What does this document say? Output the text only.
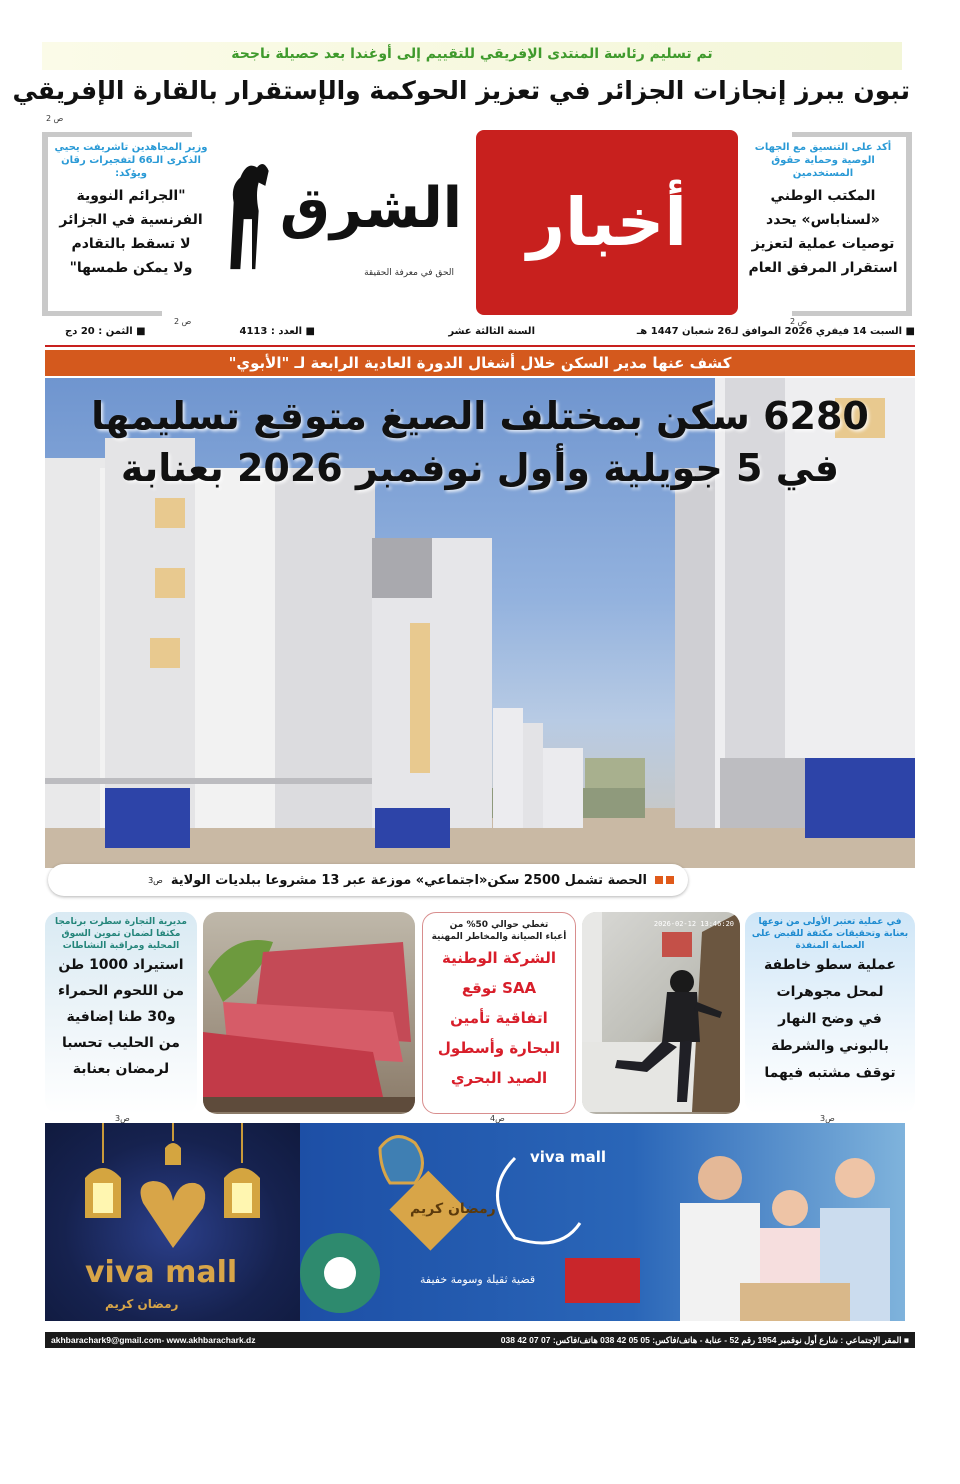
تم تسليم رئاسة المنتدى الإفريقي للتقييم إلى أوغندا بعد حصيلة ناجحة
تبون يبرز إنجازات الجزائر في تعزيز الحوكمة والإستقرار بالقارة الإفريقي
ص 2
أكد على التنسيق مع الجهات الوصية وحماية حقوق المستخدمين
المكتب الوطني
«لسناباس» يحدد
توصيات عملية لتعزيز
استقرار المرفق العام
ص 2
وزير المجاهدين تاشريفت يحيي الذكرى الـ66 لتفجيرات رقان ويؤكد:
"الجرائم النووية
الفرنسية في الجزائر
لا تسقط بالتقادم
ولا يمكن طمسها"
ص 2
أخبار
الشرق
الحق في معرفة الحقيقة
■ السبت 14 فيفري 2026 الموافق لـ26 شعبان 1447 هـ
السنة الثالثة عشر
■ العدد : 4113
■ الثمن : 20 دج
كشف عنها مدير السكن خلال أشغال الدورة العادية الرابعة لـ "الأبوي"
6280 سكن بمختلف الصيغ متوقع تسليمها
في 5 جويلية وأول نوفمبر 2026 بعنابة
الحصة تشمل 2500 سكن«اجتماعي» موزعة عبر 13 مشروعا ببلديات الولاية
ص3
في عملية تعتبر الأولى من نوعها بعنابة وتحقيقات مكثفة للقبض على العصابة المنفذة
عملية سطو خاطفة
لمحل مجوهرات
في وضح النهار
بالبوني والشرطة
توقف مشتبه فيهما
ص3
2026-02-12 13:46:20
تغطي حوالي 50% من
أعباء الصيانة والمخاطر المهنية
الشركة الوطنية
SAA توقع
اتفاقية تأمين
البحارة وأسطول
الصيد البحري
ص4
مديرية التجارة سطرت برنامجا مكثفا لضمان تموين السوق المحلية ومراقبة النشاطات
استيراد 1000 طن
من اللحوم الحمراء
و30 طنا إضافية
من الحليب تحسبا
لرمضان بعنابة
ص3
viva mall
رمضان كريم
viva mall
رمضان كريم
قضية ثقيلة وسومة خفيفة
■ المقر الإجتماعي : شارع أول نوفمبر 1954 رقم 52 - عنابة - هاتف/فاكس: 05 05 42 038 هاتف/فاكس: 07 07 42 038
akhbarachark9@gmail.com- www.akhbarachark.dz
